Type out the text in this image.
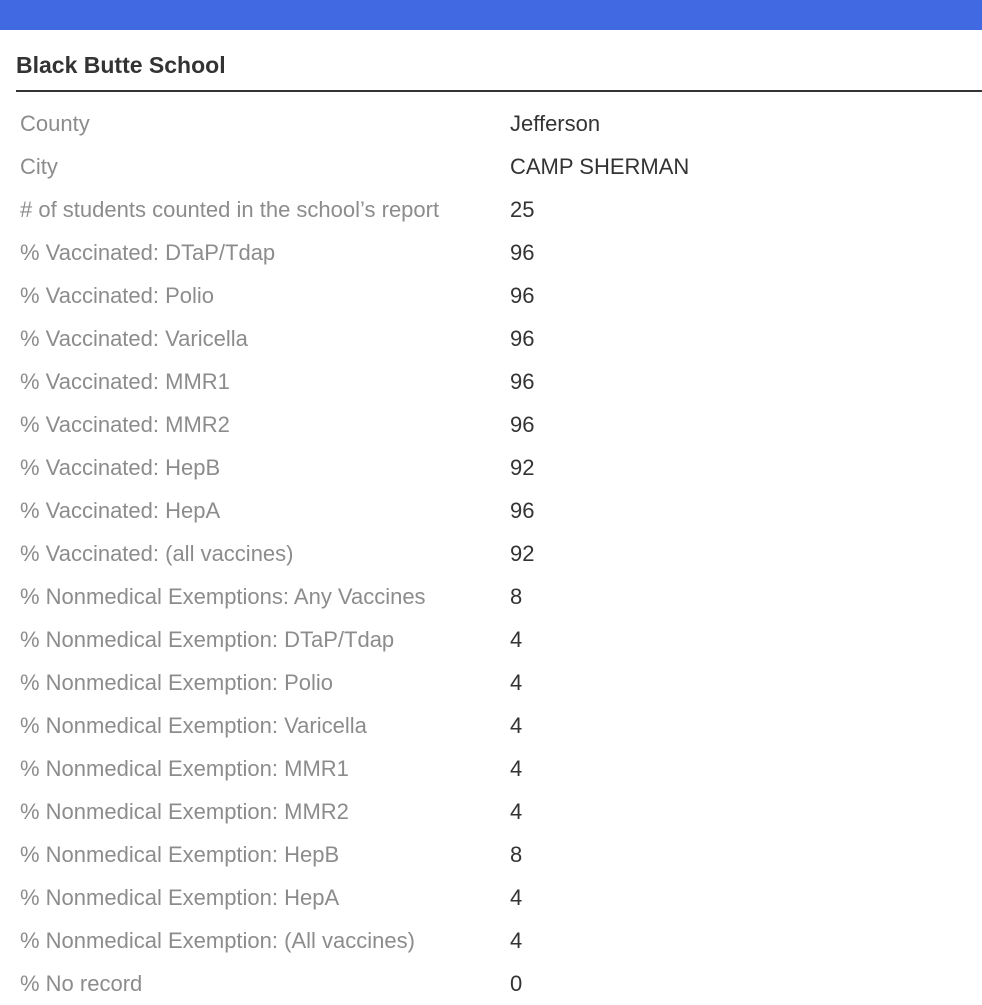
Black Butte School
County	Jefferson
City	CAMP SHERMAN
# of students counted in the school’s report	25
% Vaccinated: DTaP/Tdap	96
% Vaccinated: Polio	96
% Vaccinated: Varicella	96
% Vaccinated: MMR1	96
% Vaccinated: MMR2	96
% Vaccinated: HepB	92
% Vaccinated: HepA	96
% Vaccinated: (all vaccines)	92
% Nonmedical Exemptions: Any Vaccines	8
% Nonmedical Exemption: DTaP/Tdap	4
% Nonmedical Exemption: Polio	4
% Nonmedical Exemption: Varicella	4
% Nonmedical Exemption: MMR1	4
% Nonmedical Exemption: MMR2	4
% Nonmedical Exemption: HepB	8
% Nonmedical Exemption: HepA	4
% Nonmedical Exemption: (All vaccines)	4
% No record	0
